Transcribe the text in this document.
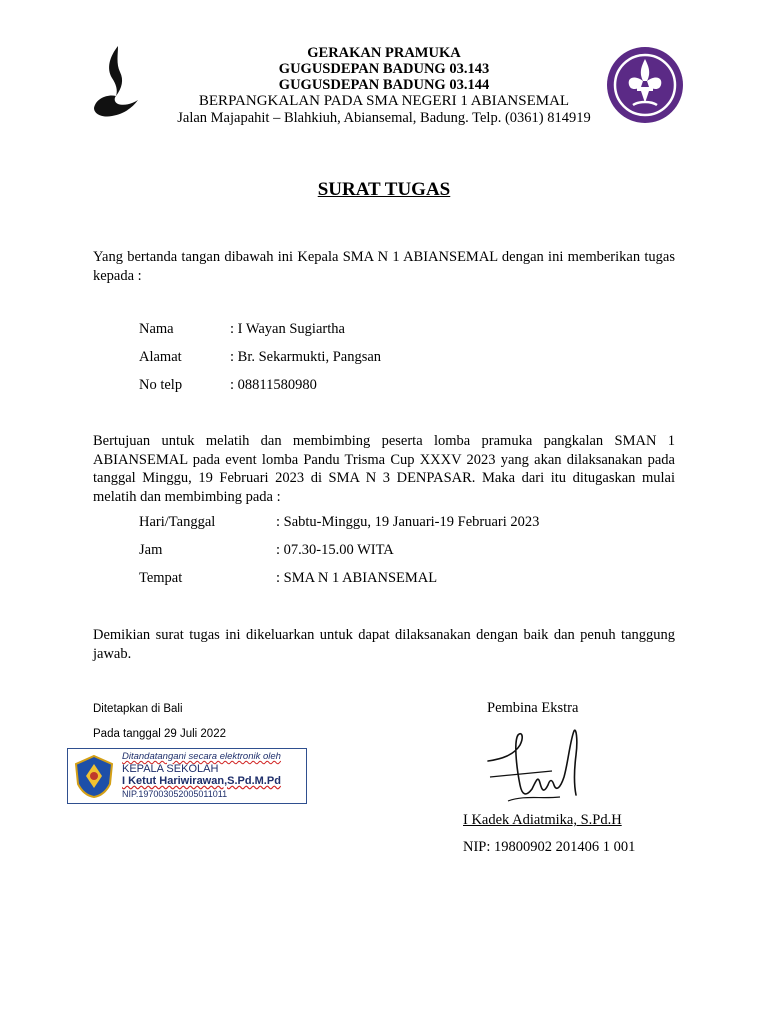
GERAKAN PRAMUKA
GUGUSDEPAN BADUNG 03.143
GUGUSDEPAN BADUNG 03.144
BERPANGKALAN PADA SMA NEGERI 1 ABIANSEMAL
Jalan Majapahit – Blahkiuh, Abiansemal, Badung. Telp. (0361) 814919
SURAT TUGAS
Yang bertanda tangan dibawah ini Kepala SMA N 1 ABIANSEMAL dengan ini memberikan tugas kepada :
Nama	: I Wayan Sugiartha
Alamat	: Br. Sekarmukti, Pangsan
No telp	: 08811580980
Bertujuan untuk melatih dan membimbing peserta lomba pramuka pangkalan SMAN 1 ABIANSEMAL pada event lomba Pandu Trisma Cup XXXV 2023 yang akan dilaksanakan pada tanggal Minggu, 19 Februari 2023 di SMA N 3 DENPASAR. Maka dari itu ditugaskan mulai melatih dan membimbing pada :
Hari/Tanggal	: Sabtu-Minggu, 19 Januari-19 Februari 2023
Jam	: 07.30-15.00 WITA
Tempat	: SMA N 1 ABIANSEMAL
Demikian surat tugas ini dikeluarkan untuk dapat dilaksanakan dengan baik dan penuh tanggung jawab.
Ditetapkan di Bali
Pada tanggal 29 Juli 2022
Ditandatangani secara elektronik oleh
KEPALA SEKOLAH
I Ketut Hariwirawan,S.Pd.M.Pd
NIP.197003052005011011
Pembina Ekstra
I Kadek Adiatmika, S.Pd.H
NIP: 19800902 201406 1 001
